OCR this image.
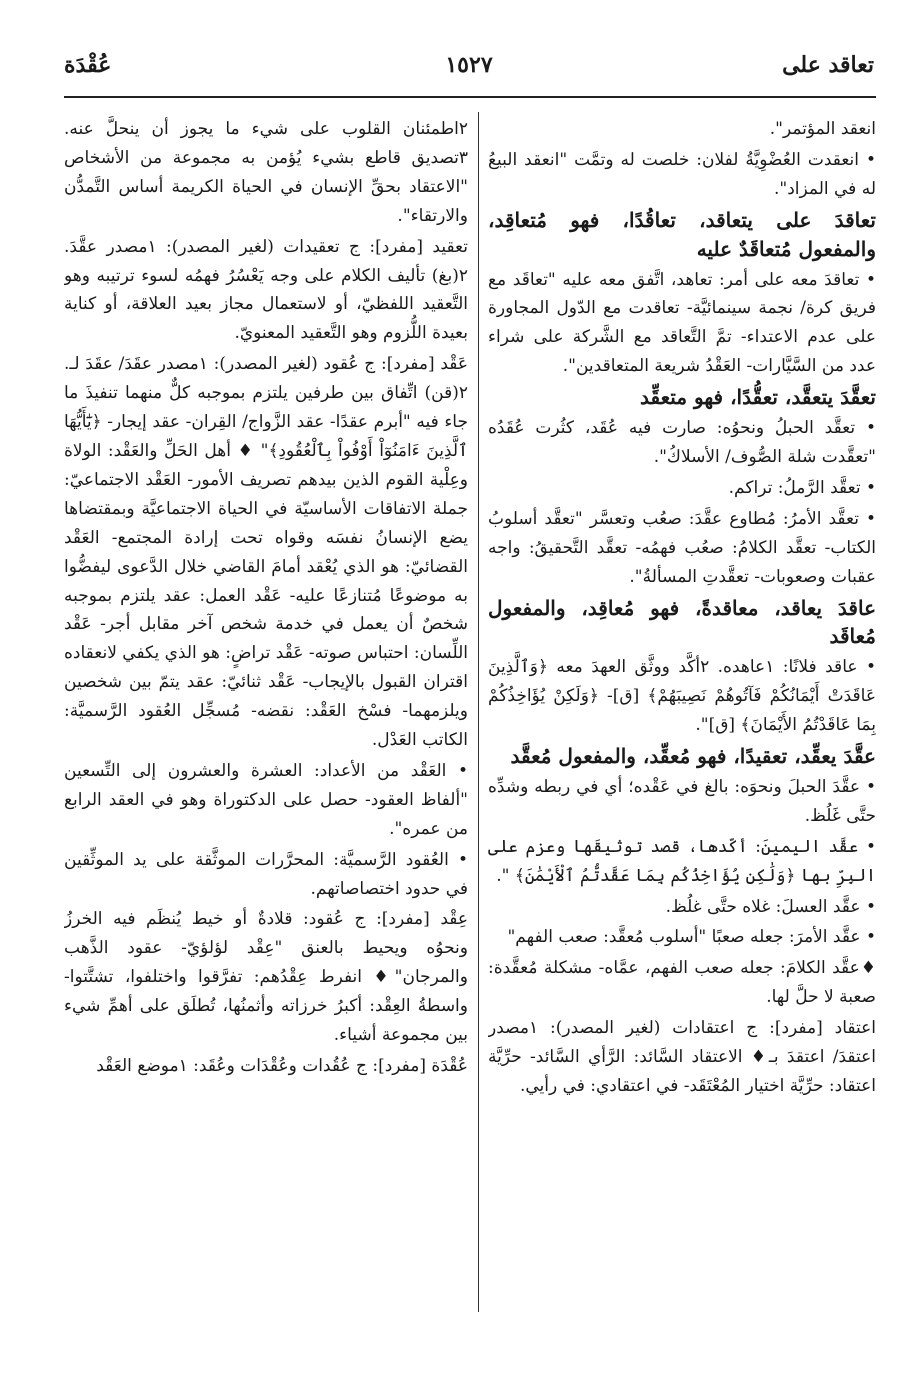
تعاقد على
١٥٢٧
عُقْدَة

انعقد المؤتمر".

• انعقدت العُضْوِيَّةُ لفلان: خلصت له وتمَّت "انعقد البيعُ له في المزاد".

تعاقدَ على يتعاقد، تعاقُدًا، فهو مُتعاقِد، والمفعول مُتعاقَدٌ عليه

• تعاقدَ معه على أمر: تعاهد، اتَّفق معه عليه "تعاقَد مع فريق كرة/ نجمة سينمائيَّة- تعاقدت مع الدّول المجاورة على عدم الاعتداء- تمَّ التَّعاقد مع الشَّركة على شراء عدد من السَّيَّارات- العَقْدُ شريعة المتعاقدين".

تعقَّدَ يتعقَّد، تعقُّدًا، فهو متعقِّد

• تعقَّد الحبلُ ونحوُه: صارت فيه عُقَد، كثُرت عُقَدُه "تعقَّدت شلة الصُّوف/ الأسلاكُ".

• تعقَّد الرَّملُ: تراكم.

• تعقَّد الأمرُ: مُطاوع عقَّدَ: صعُب وتعسَّر "تعقَّد أسلوبُ الكتاب- تعقَّد الكلامُ: صعُب فهمُه- تعقَّد التَّحقيقُ: واجه عقبات وصعوبات- تعقَّدتِ المسألةُ".

عاقدَ يعاقد، معاقدةً، فهو مُعاقِد، والمفعول مُعاقَد

• عاقد فلانًا: ١عاهده. ٢أكَّد ووثَّق العهدَ معه ﴿وَٱلَّذِينَ عَاقَدَتْ أَيْمَانُكُمْ فَآتُوهُمْ نَصِيبَهُمْ﴾ [ق]- ﴿وَلَكِنْ يُؤَاخِذُكُمْ بِمَا عَاقَدْتُمُ الأَيْمَانَ﴾ [ق]".

عقَّدَ يعقِّد، تعقيدًا، فهو مُعقِّد، والمفعول مُعقَّد

• عقَّدَ الحبلَ ونحوَه: بالغ في عَقْده؛ أي في ربطه وشدِّه حتَّى غَلُظ.

• عقَّد اليمينَ: أكّدها، قصد توثيقَها وعزم على البِرِّ بها ﴿وَلَٰكِن يُؤَاخِذُكُم بِمَا عَقَّدتُّمُ ٱلْأَيْمَٰنَ﴾ ".

• عقَّد العسلَ: غلاه حتَّى غلُظ.

• عقَّد الأمرَ: جعله صعبًا "أسلوب مُعقَّد: صعب الفهم"

♦عقَّد الكلامَ: جعله صعب الفهم، عمَّاه- مشكلة مُعقَّدة: صعبة لا حلَّ لها.

اعتقاد [مفرد]: ج اعتقادات (لغير المصدر): ١مصدر اعتقدَ/ اعتقدَ بـ♦ الاعتقاد السَّائد: الرَّأي السَّائد- حرِّيَّة اعتقاد: حرِّيَّة اختيار المُعْتَقَد- في اعتقادي: في رأيي.

٢اطمئنان القلوب على شيء ما يجوز أن ينحلَّ عنه. ٣تصديق قاطع بشيء يُؤمن به مجموعة من الأشخاص "الاعتقاد بحقِّ الإنسان في الحياة الكريمة أساس التَّمدُّن والارتقاء".

تعقيد [مفرد]: ج تعقيدات (لغير المصدر): ١مصدر عقَّدَ. ٢(بغ) تأليف الكلام على وجه يَعْسُرُ فهمُه لسوء ترتيبه وهو التَّعقيد اللفظيّ، أو لاستعمال مجاز بعيد العلاقة، أو كناية بعيدة اللُّزوم وهو التَّعقيد المعنويّ.

عَقْد [مفرد]: ج عُقود (لغير المصدر): ١مصدر عقَدَ/ عقَدَ لـ. ٢(قن) اتِّفاق بين طرفين يلتزم بموجبه كلٌّ منهما تنفيذَ ما جاء فيه "أبرم عقدًا- عقد الزَّواج/ القِران- عقد إيجار- ﴿يَٰٓأَيُّهَا ٱلَّذِينَ ءَامَنُوٓاْ أَوْفُواْ بِٱلْعُقُودِ﴾" ♦ أهل الحَلِّ والعَقْد: الولاة وعِلْية القوم الذين بيدهم تصريف الأمور- العَقْد الاجتماعيّ: جملة الاتفاقات الأساسيّة في الحياة الاجتماعيَّة وبمقتضاها يضع الإنسانُ نفسَه وقواه تحت إرادة المجتمع- العَقْد القضائيّ: هو الذي يُعْقد أمامَ القاضي خلال الدَّعوى ليفضُّوا به موضوعًا مُتنازعًا عليه- عَقْد العمل: عقد يلتزم بموجبه شخصٌ أن يعمل في خدمة شخص آخر مقابل أجر- عَقْد اللِّسان: احتباس صوته- عَقْد تراضٍ: هو الذي يكفي لانعقاده اقتران القبول بالإيجاب- عَقْد ثنائيّ: عقد يتمّ بين شخصين ويلزمهما- فسْخ العَقْد: نقضه- مُسجِّل العُقود الرَّسميَّة: الكاتب العَدْل.

• العَقْد من الأعداد: العشرة والعشرون إلى التِّسعين "ألفاظ العقود- حصل على الدكتوراة وهو في العقد الرابع من عمره".

• العُقود الرَّسميَّة: المحرَّرات الموثَّقة على يد الموثِّقين في حدود اختصاصاتهم.

عِقْد [مفرد]: ج عُقود: قلادةٌ أو خيط يُنظَم فيه الخرزُ ونحوُه ويحيط بالعنق "عِقْد لؤلؤيّ- عقود الذَّهب والمرجان"♦ انفرط عِقْدُهم: تفرَّقوا واختلفوا، تشتَّتوا- واسطةُ العِقْد: أكبرُ خرزاته وأثمنُها، تُطلَق على أهمِّ شيء بين مجموعة أشياء.

عُقْدَة [مفرد]: ج عُقُدات وعُقْدَات وعُقَد: ١موضع العَقْد
